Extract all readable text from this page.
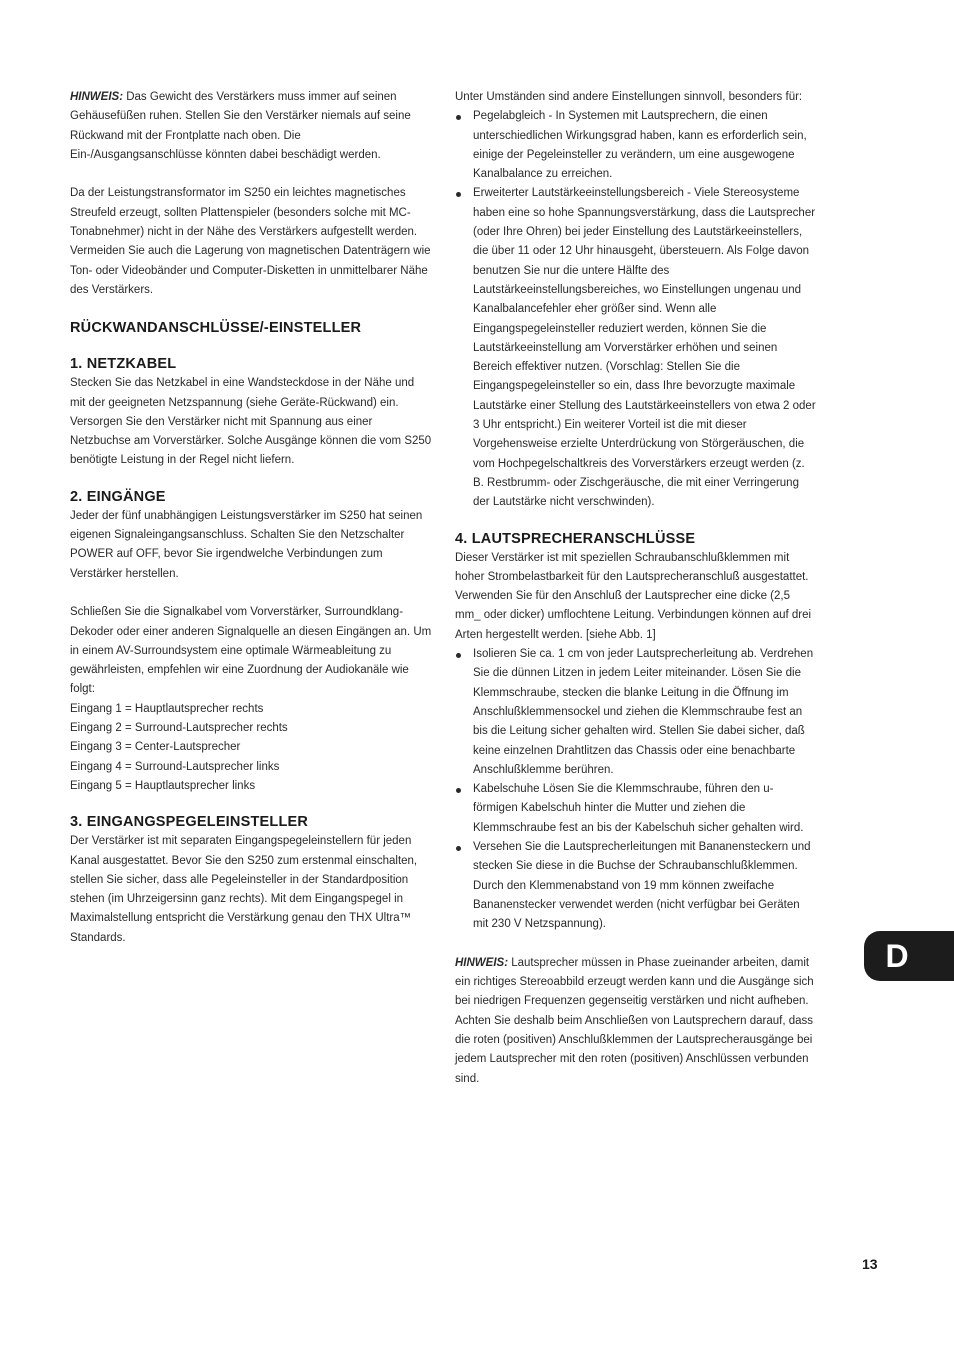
HINWEIS: Das Gewicht des Verstärkers muss immer auf seinen Gehäusefüßen ruhen. Stellen Sie den Verstärker niemals auf seine Rückwand mit der Frontplatte nach oben. Die Ein-/Ausgangsanschlüsse könnten dabei beschädigt werden.

Da der Leistungstransformator im S250 ein leichtes magnetisches Streufeld erzeugt, sollten Plattenspieler (besonders solche mit MC-Tonabnehmer) nicht in der Nähe des Verstärkers aufgestellt werden. Vermeiden Sie auch die Lagerung von magnetischen Datenträgern wie Ton- oder Videobänder und Computer-Disketten in unmittelbarer Nähe des Verstärkers.

RÜCKWANDANSCHLÜSSE/-EINSTELLER
1. NETZKABEL

Stecken Sie das Netzkabel in eine Wandsteckdose in der Nähe und mit der geeigneten Netzspannung (siehe Geräte-Rückwand) ein. Versorgen Sie den Verstärker nicht mit Spannung aus einer Netzbuchse am Vorverstärker. Solche Ausgänge können die vom S250 benötigte Leistung in der Regel nicht liefern.

2. EINGÄNGE

Jeder der fünf unabhängigen Leistungsverstärker im S250 hat seinen eigenen Signaleingangsanschluss. Schalten Sie den Netzschalter POWER auf OFF, bevor Sie irgendwelche Verbindungen zum Verstärker herstellen.

Schließen Sie die Signalkabel vom Vorverstärker, Surroundklang-Dekoder oder einer anderen Signalquelle an diesen Eingängen an. Um in einem AV-Surroundsystem eine optimale Wärmeableitung zu gewährleisten, empfehlen wir eine Zuordnung der Audiokanäle wie folgt:

Eingang 1 = Hauptlautsprecher rechts

Eingang 2 = Surround-Lautsprecher rechts

Eingang 3 = Center-Lautsprecher

Eingang 4 = Surround-Lautsprecher links

Eingang 5 = Hauptlautsprecher links

3. EINGANGSPEGELEINSTELLER

Der Verstärker ist mit separaten Eingangspegeleinstellern für jeden Kanal ausgestattet. Bevor Sie den S250 zum erstenmal einschalten, stellen Sie sicher, dass alle Pegeleinsteller in der Standardposition stehen (im Uhrzeigersinn ganz rechts). Mit dem Eingangspegel in Maximalstellung entspricht die Verstärkung genau den THX Ultra™ Standards.

Unter Umständen sind andere Einstellungen sinnvoll, besonders für:

Pegelabgleich - In Systemen mit Lautsprechern, die einen unterschiedlichen Wirkungsgrad haben, kann es erforderlich sein, einige der Pegeleinsteller zu verändern, um eine ausgewogene Kanalbalance zu erreichen.
Erweiterter Lautstärkeeinstellungsbereich - Viele Stereosysteme haben eine so hohe Spannungsverstärkung, dass die Lautsprecher (oder Ihre Ohren) bei jeder Einstellung des Lautstärkeeinstellers, die über 11 oder 12 Uhr hinausgeht, übersteuern. Als Folge davon benutzen Sie nur die untere Hälfte des Lautstärkeeinstellungsbereiches, wo Einstellungen ungenau und Kanalbalancefehler eher größer sind. Wenn alle Eingangspegeleinsteller reduziert werden, können Sie die Lautstärkeeinstellung am Vorverstärker erhöhen und seinen Bereich effektiver nutzen. (Vorschlag: Stellen Sie die Eingangspegeleinsteller so ein, dass Ihre bevorzugte maximale Lautstärke einer Stellung des Lautstärkeeinstellers von etwa 2 oder 3 Uhr entspricht.) Ein weiterer Vorteil ist die mit dieser Vorgehensweise erzielte Unterdrückung von Störgeräuschen, die vom Hochpegelschaltkreis des Vorverstärkers erzeugt werden (z. B. Restbrumm- oder Zischgeräusche, die mit einer Verringerung der Lautstärke nicht verschwinden).
4. LAUTSPRECHERANSCHLÜSSE

Dieser Verstärker ist mit speziellen Schraubanschlußklemmen mit hoher Strombelastbarkeit für den Lautsprecheranschluß ausgestattet. Verwenden Sie für den Anschluß der Lautsprecher eine dicke (2,5 mm_ oder dicker) umflochtene Leitung. Verbindungen können auf drei Arten hergestellt werden. [siehe Abb. 1]

Isolieren Sie ca. 1 cm von jeder Lautsprecherleitung ab. Verdrehen Sie die dünnen Litzen in jedem Leiter miteinander. Lösen Sie die Klemmschraube, stecken die blanke Leitung in die Öffnung im Anschlußklemmensockel und ziehen die Klemmschraube fest an bis die Leitung sicher gehalten wird. Stellen Sie dabei sicher, daß keine einzelnen Drahtlitzen das Chassis oder eine benachbarte Anschlußklemme berühren.
Kabelschuhe Lösen Sie die Klemmschraube, führen den u-förmigen Kabelschuh hinter die Mutter und ziehen die Klemmschraube fest an bis der Kabelschuh sicher gehalten wird.
Versehen Sie die Lautsprecherleitungen mit Bananensteckern und stecken Sie diese in die Buchse der Schraubanschlußklemmen. Durch den Klemmenabstand von 19 mm können zweifache Bananenstecker verwendet werden (nicht verfügbar bei Geräten mit 230 V Netzspannung).

HINWEIS: Lautsprecher müssen in Phase zueinander arbeiten, damit ein richtiges Stereoabbild erzeugt werden kann und die Ausgänge sich bei niedrigen Frequenzen gegenseitig verstärken und nicht aufheben. Achten Sie deshalb beim Anschließen von Lautsprechern darauf, dass die roten (positiven) Anschlußklemmen der Lautsprecherausgänge bei jedem Lautsprecher mit den roten (positiven) Anschlüssen verbunden sind.

D
13
